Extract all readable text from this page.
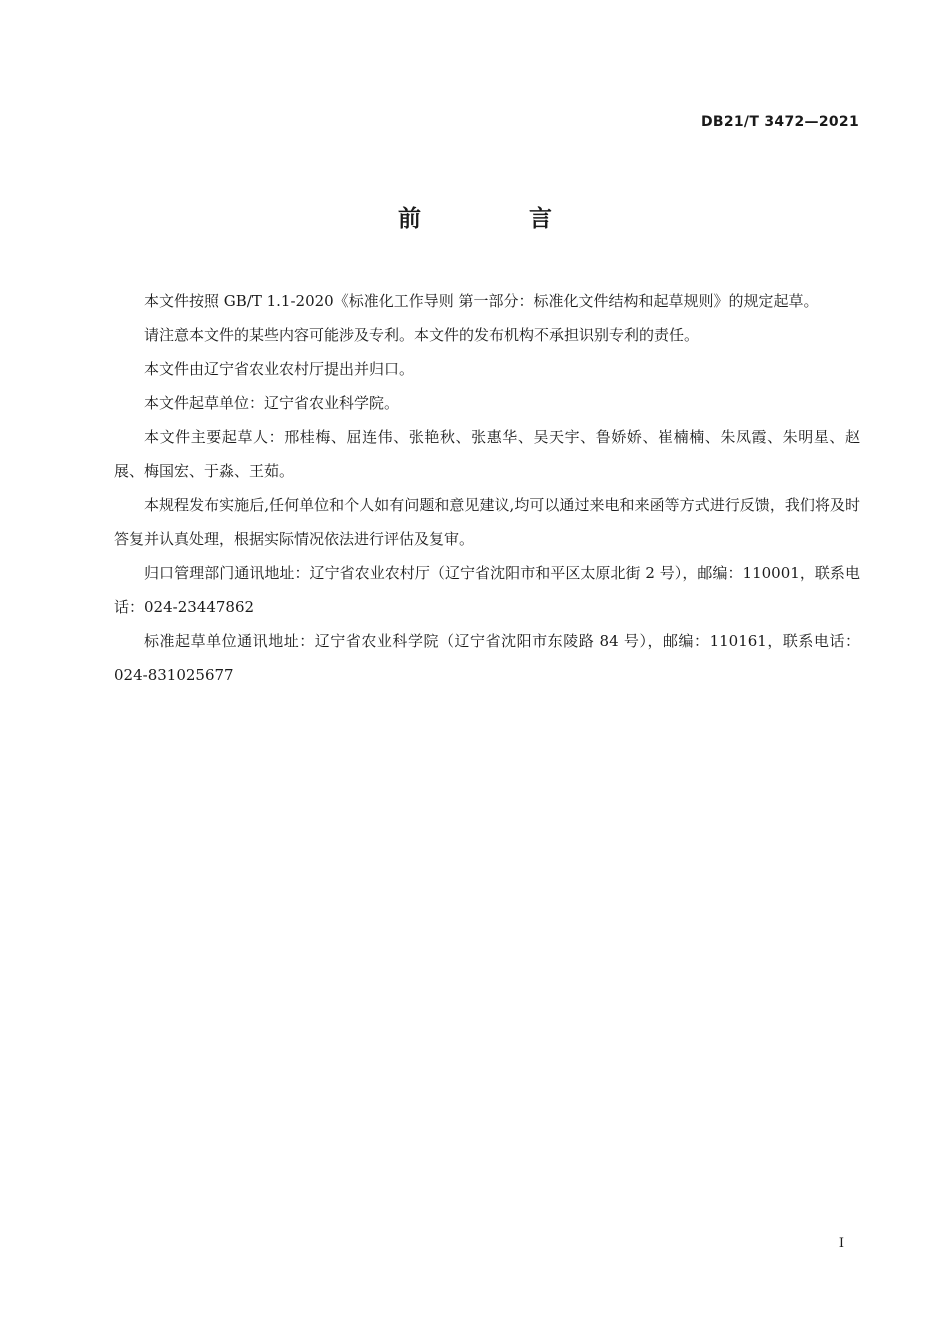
DB21/T 3472—2021
前 言

本文件按照 GB/T 1.1-2020《标准化工作导则 第一部分：标准化文件结构和起草规则》的规定起草。

请注意本文件的某些内容可能涉及专利。本文件的发布机构不承担识别专利的责任。

本文件由辽宁省农业农村厅提出并归口。

本文件起草单位：辽宁省农业科学院。

本文件主要起草人：邢桂梅、屈连伟、张艳秋、张惠华、吴天宇、鲁娇娇、崔楠楠、朱凤霞、朱明星、赵展、梅国宏、于淼、王茹。

本规程发布实施后,任何单位和个人如有问题和意见建议,均可以通过来电和来函等方式进行反馈，我们将及时答复并认真处理，根据实际情况依法进行评估及复审。

归口管理部门通讯地址：辽宁省农业农村厅（辽宁省沈阳市和平区太原北街 2 号），邮编：110001，联系电话：024-23447862

标准起草单位通讯地址：辽宁省农业科学院（辽宁省沈阳市东陵路 84 号），邮编：110161，联系电话：024-831025677

I
